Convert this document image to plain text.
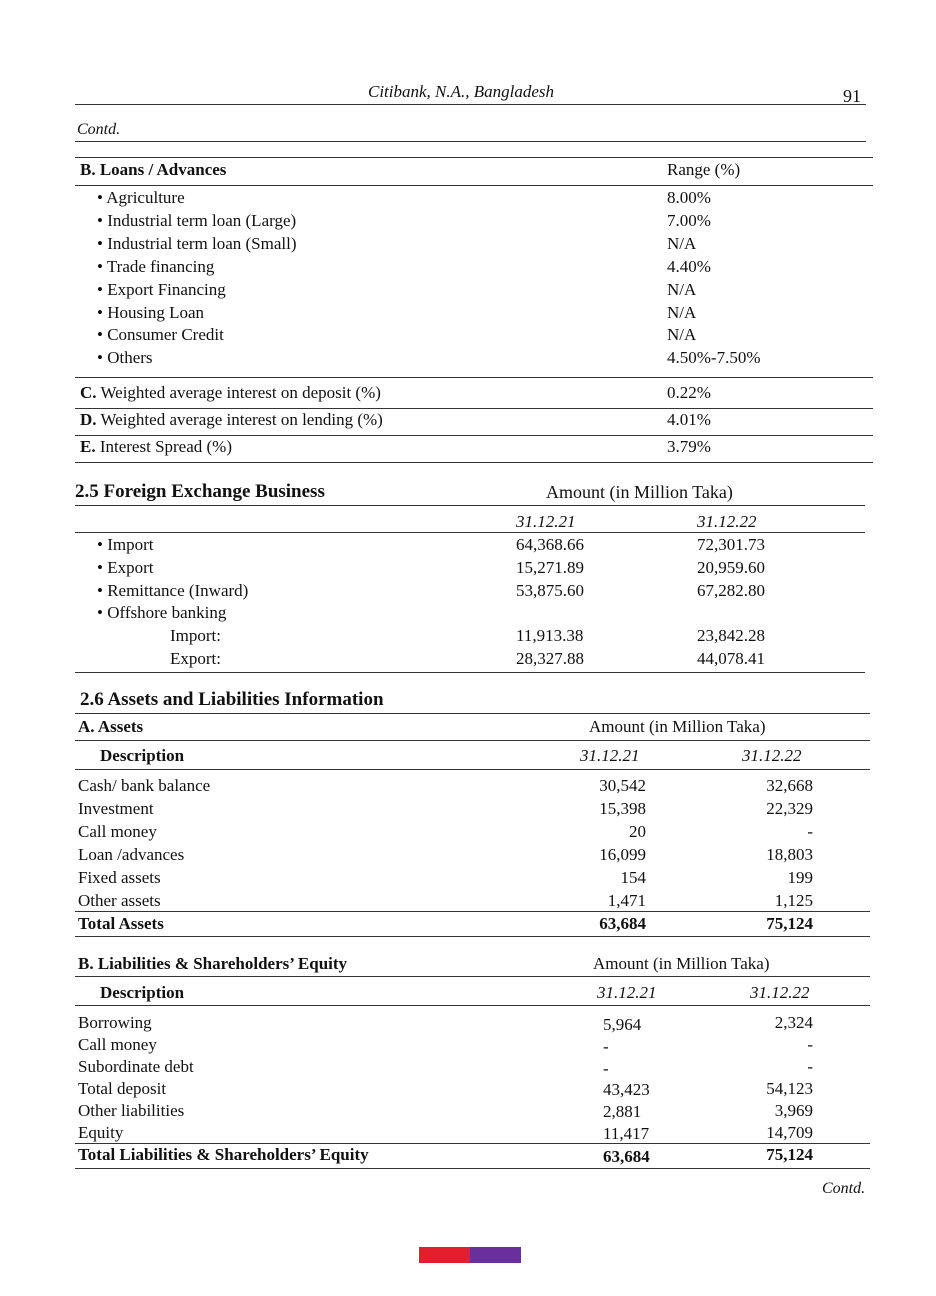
Citibank, N.A., Bangladesh	91
Contd.
B. Loans / Advances	Range (%)
• Agriculture	8.00%
• Industrial term loan (Large)	7.00%
• Industrial term loan (Small)	N/A
• Trade financing	4.40%
• Export Financing	N/A
• Housing Loan	N/A
• Consumer Credit	N/A
• Others	4.50%-7.50%
C. Weighted average interest on deposit (%)	0.22%
D. Weighted average interest on lending (%)	4.01%
E. Interest Spread (%)	3.79%
2.5 Foreign Exchange Business	Amount (in Million Taka)
31.12.21	31.12.22
• Import	64,368.66	72,301.73
• Export	15,271.89	20,959.60
• Remittance (Inward)	53,875.60	67,282.80
• Offshore banking
Import:	11,913.38	23,842.28
Export:	28,327.88	44,078.41
2.6 Assets and Liabilities Information
A. Assets	Amount (in Million Taka)
Description	31.12.21	31.12.22
Cash/ bank balance	30,542	32,668
Investment	15,398	22,329
Call money	20	-
Loan /advances	16,099	18,803
Fixed assets	154	199
Other assets	1,471	1,125
Total Assets	63,684	75,124
B. Liabilities & Shareholders’ Equity	Amount (in Million Taka)
Description	31.12.21	31.12.22
Borrowing	5,964	2,324
Call money	-	-
Subordinate debt	-	-
Total deposit	43,423	54,123
Other liabilities	2,881	3,969
Equity	11,417	14,709
Total Liabilities & Shareholders’ Equity	63,684	75,124
Contd.
